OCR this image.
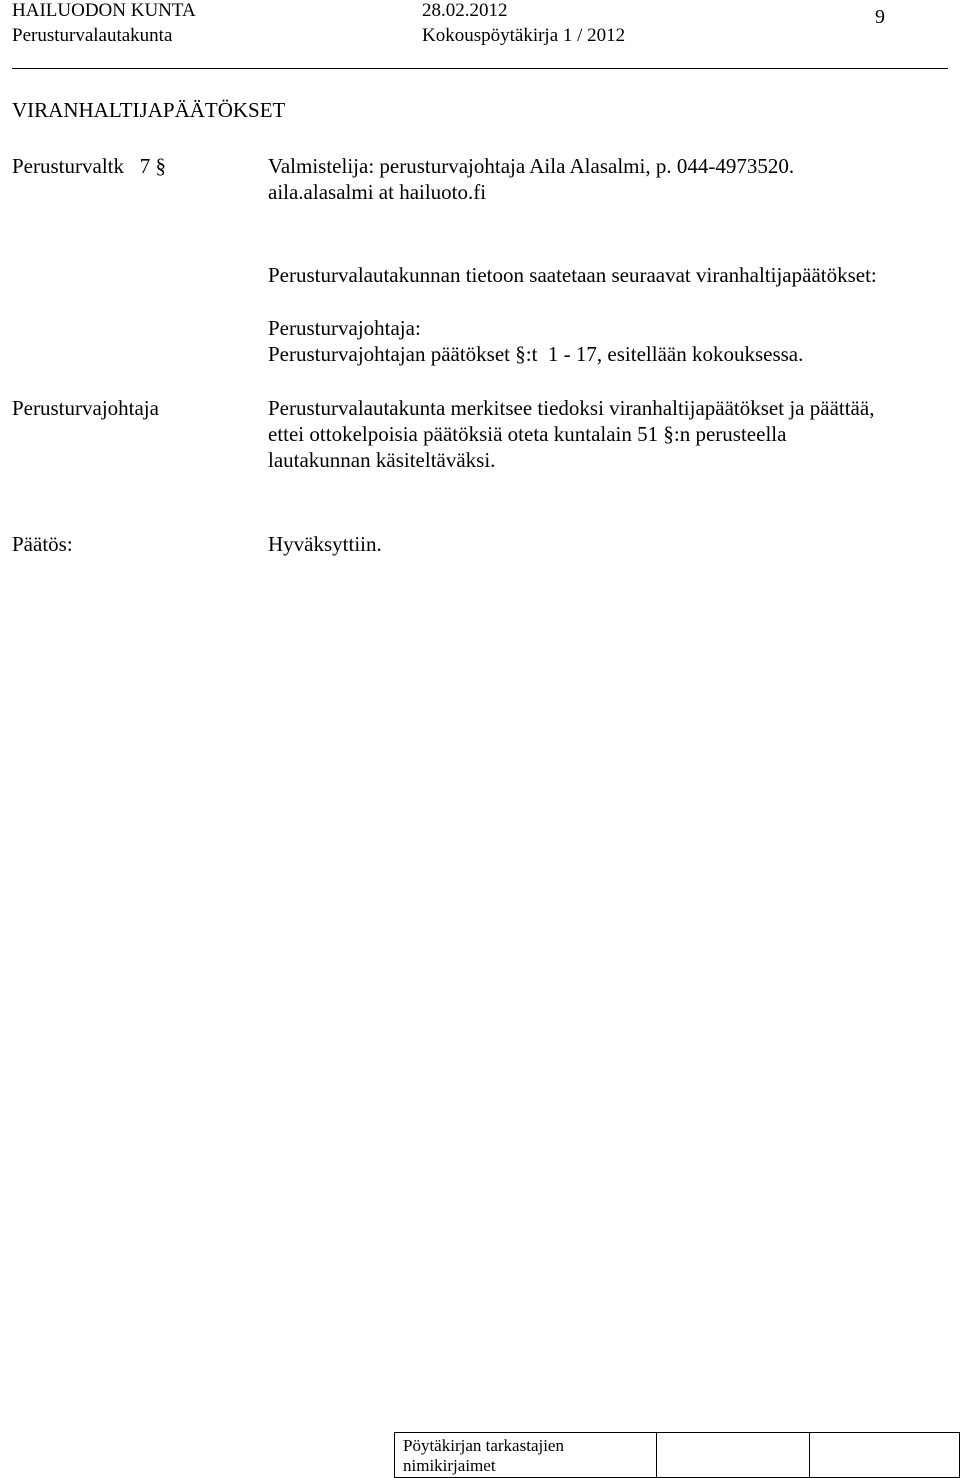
HAILUODON KUNTA	28.02.2012	9
Perusturvalautakunta	Kokouspöytäkirja 1 / 2012
VIRANHALTIJAPÄÄTÖKSET
Perusturvaltk   7 §	Valmistelija: perusturvajohtaja Aila Alasalmi, p. 044-4973520.
aila.alasalmi at hailuoto.fi
Perusturvalautakunnan tietoon saatetaan seuraavat viranhaltijapäätökset:
Perusturvajohtaja:
Perusturvajohtajan päätökset §:t  1 - 17, esitellään kokouksessa.
Perusturvajohtaja	Perusturvalautakunta merkitsee tiedoksi viranhaltijapäätökset ja päättää,
ettei ottokelpoisia päätöksiä oteta kuntalain 51 §:n perusteella
lautakunnan käsiteltäväksi.
Päätös:	Hyväksyttiin.
Pöytäkirjan tarkastajien
nimikirjaimet
